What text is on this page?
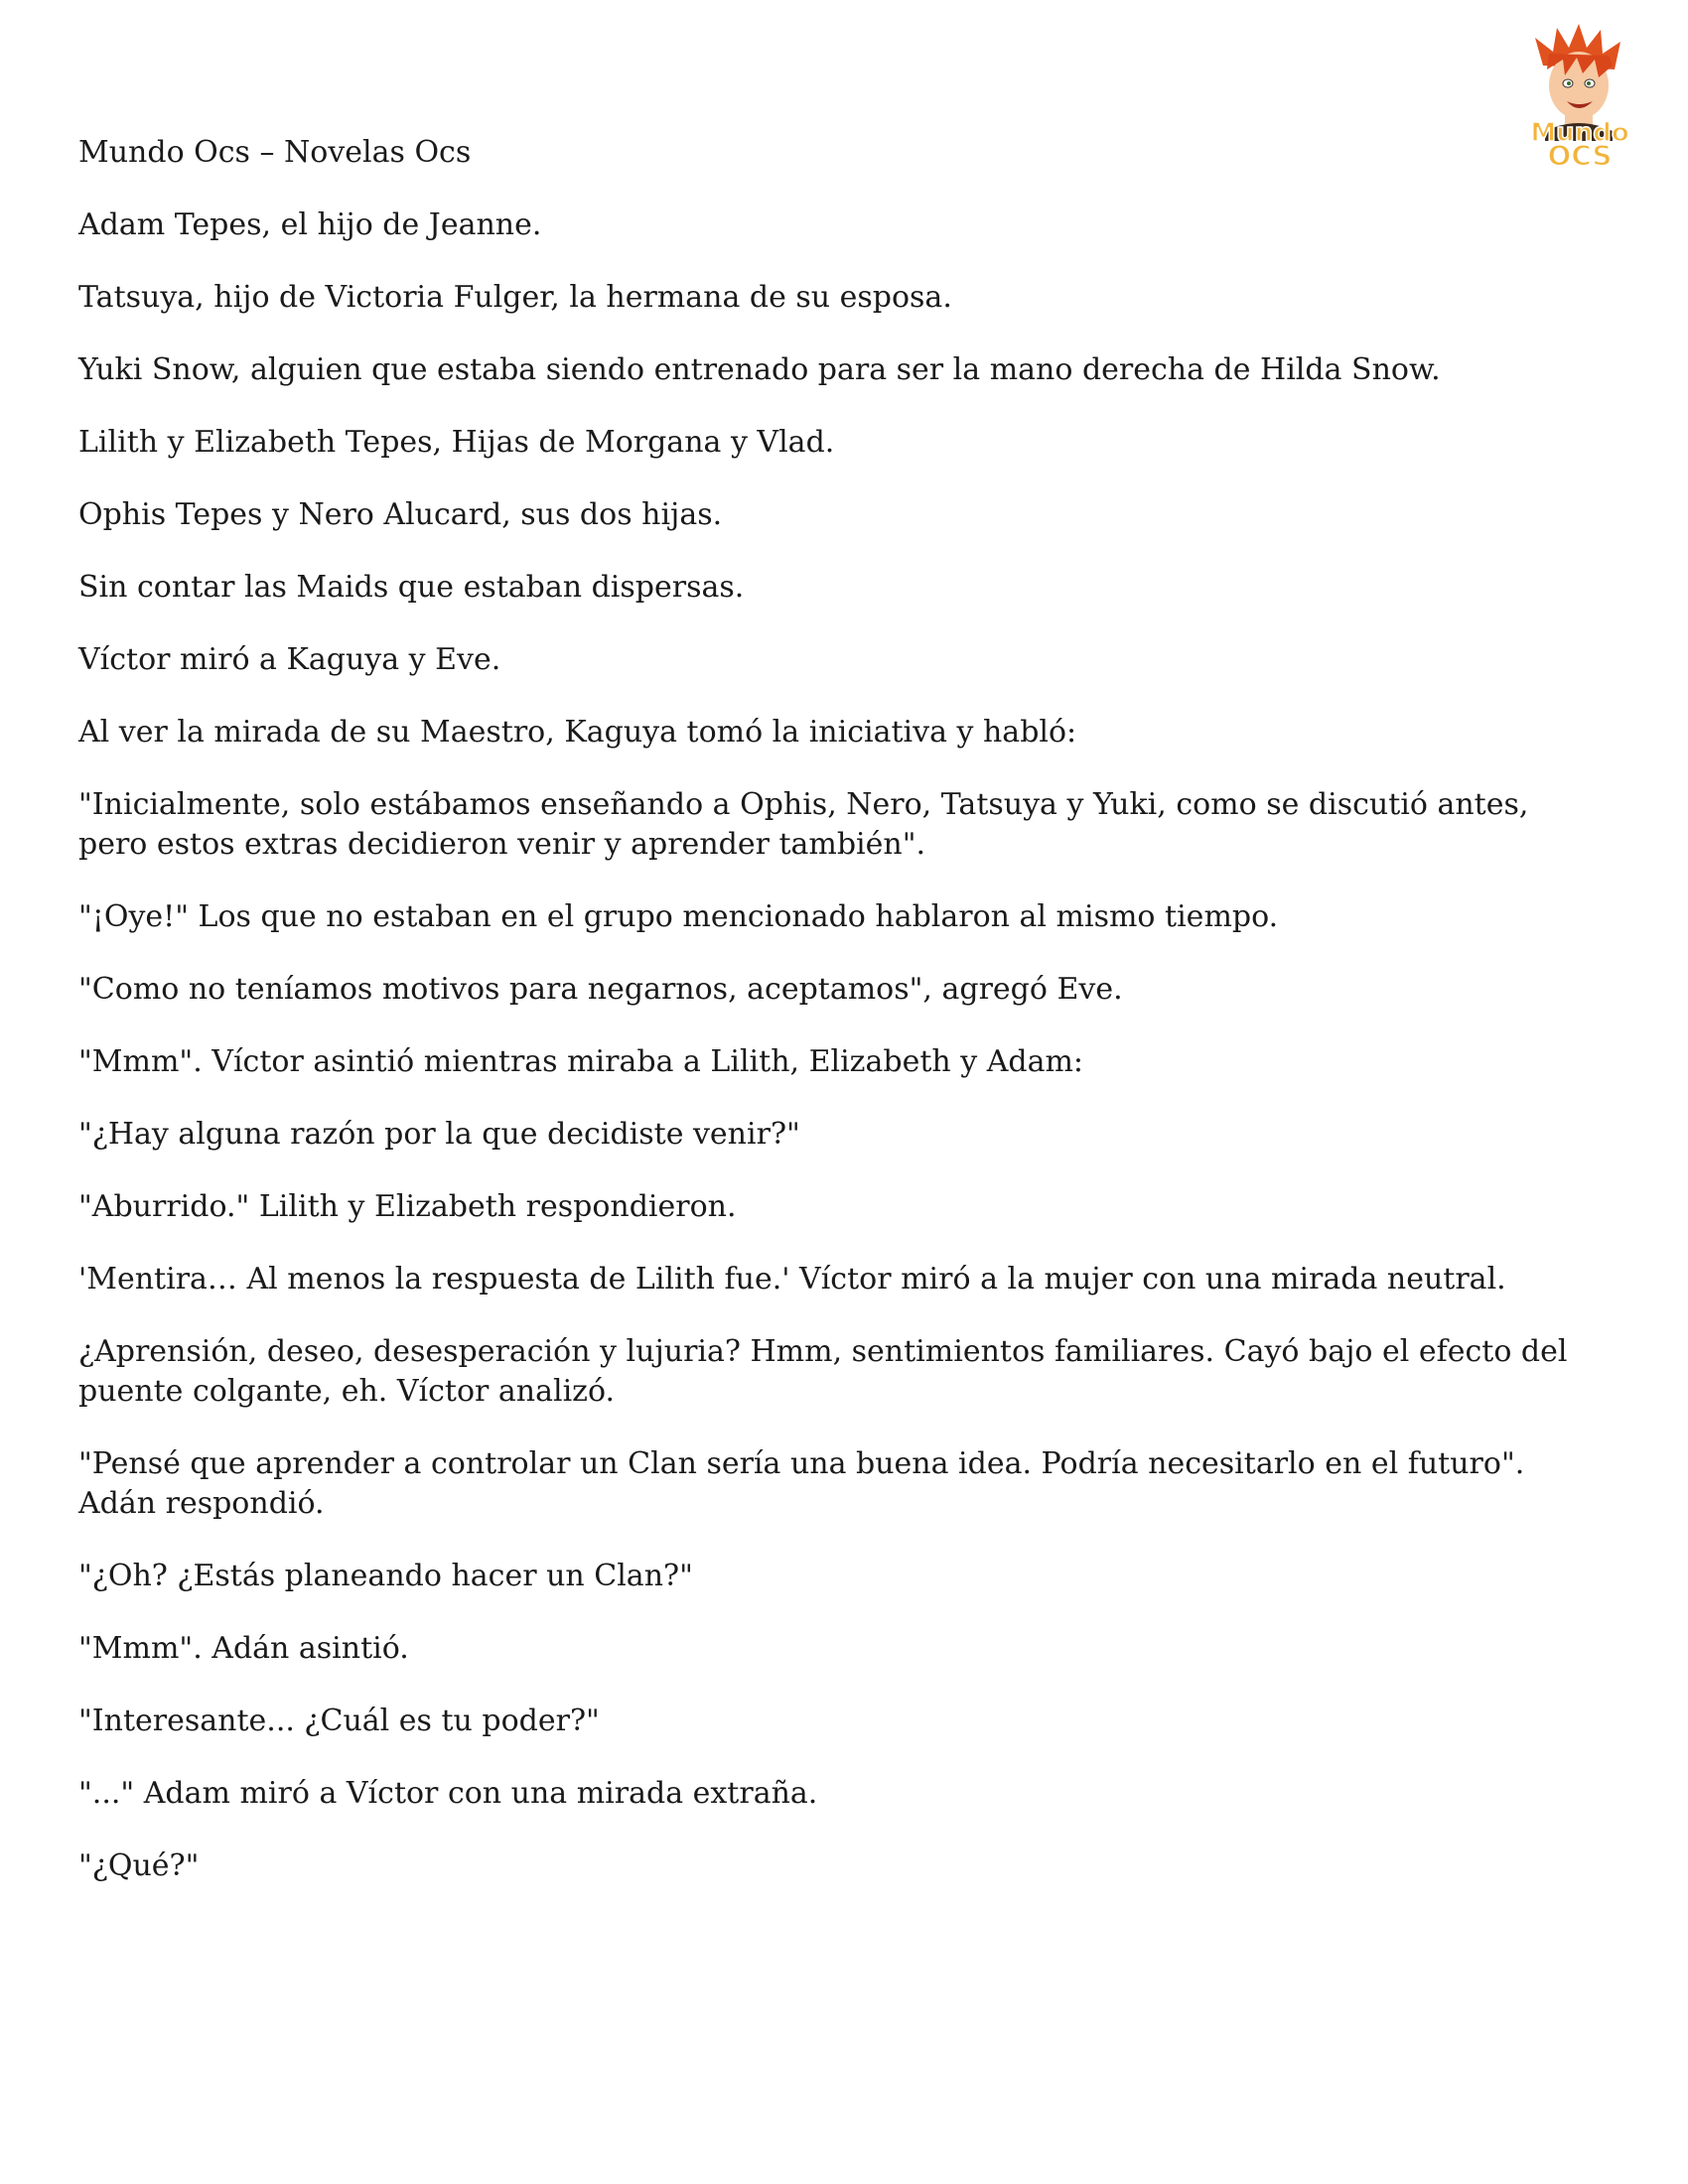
Mundo
OCS
Mundo Ocs – Novelas Ocs

Adam Tepes, el hijo de Jeanne.

Tatsuya, hijo de Victoria Fulger, la hermana de su esposa.

Yuki Snow, alguien que estaba siendo entrenado para ser la mano derecha de Hilda Snow.

Lilith y Elizabeth Tepes, Hijas de Morgana y Vlad.

Ophis Tepes y Nero Alucard, sus dos hijas.

Sin contar las Maids que estaban dispersas.

Víctor miró a Kaguya y Eve.

Al ver la mirada de su Maestro, Kaguya tomó la iniciativa y habló:

"Inicialmente, solo estábamos enseñando a Ophis, Nero, Tatsuya y Yuki, como se discutió antes, pero estos extras decidieron venir y aprender también".

"¡Oye!" Los que no estaban en el grupo mencionado hablaron al mismo tiempo.

"Como no teníamos motivos para negarnos, aceptamos", agregó Eve.

"Mmm". Víctor asintió mientras miraba a Lilith, Elizabeth y Adam:

"¿Hay alguna razón por la que decidiste venir?"

"Aburrido." Lilith y Elizabeth respondieron.

'Mentira… Al menos la respuesta de Lilith fue.' Víctor miró a la mujer con una mirada neutral.

¿Aprensión, deseo, desesperación y lujuria? Hmm, sentimientos familiares. Cayó bajo el efecto del puente colgante, eh. Víctor analizó.

"Pensé que aprender a controlar un Clan sería una buena idea. Podría necesitarlo en el futuro". Adán respondió.

"¿Oh? ¿Estás planeando hacer un Clan?"

"Mmm". Adán asintió.

"Interesante... ¿Cuál es tu poder?"

"..." Adam miró a Víctor con una mirada extraña.

"¿Qué?"
